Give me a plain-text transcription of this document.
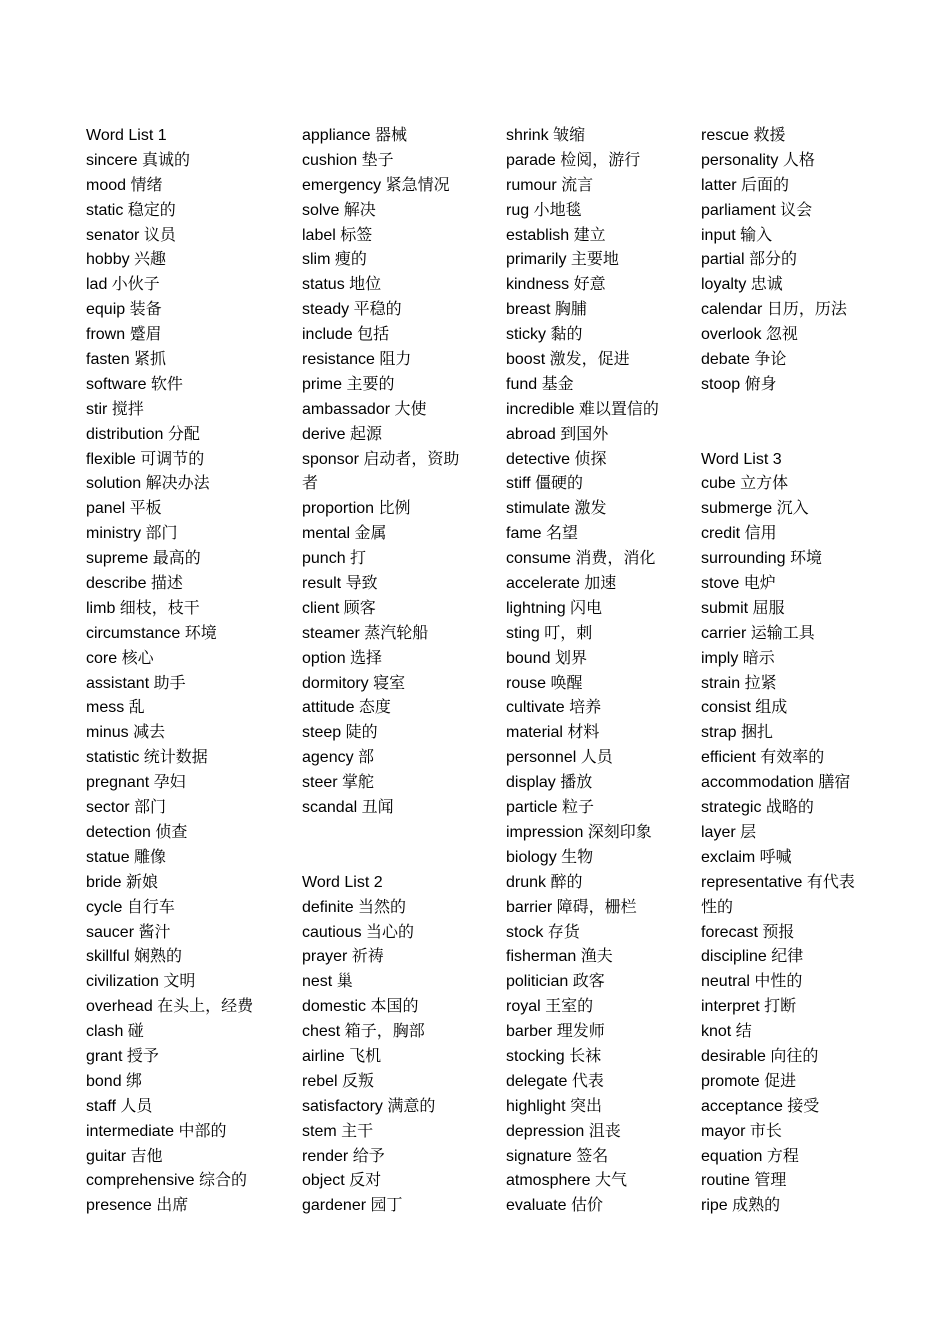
Word List 1
sincere 真诚的
mood 情绪
static 稳定的
senator 议员
hobby 兴趣
lad 小伙子
equip 装备
frown 蹙眉
fasten 紧抓
software 软件
stir 搅拌
distribution 分配
flexible 可调节的
solution 解决办法
panel 平板
ministry 部门
supreme 最高的
describe 描述
limb 细枝，枝干
circumstance 环境
core 核心
assistant 助手
mess 乱
minus 减去
statistic 统计数据
pregnant 孕妇
sector 部门
detection 侦查
statue 雕像
bride 新娘
cycle 自行车
saucer 酱汁
skillful 娴熟的
civilization 文明
overhead 在头上，经费
clash 碰
grant 授予
bond 绑
staff 人员
intermediate 中部的
guitar 吉他
comprehensive 综合的
presence 出席
appliance 器械
cushion 垫子
emergency 紧急情况
solve 解决
label 标签
slim 瘦的
status 地位
steady 平稳的
include 包括
resistance 阻力
prime 主要的
ambassador 大使
derive 起源
sponsor 启动者，资助
者
proportion 比例
mental 金属
punch 打
result 导致
client 顾客
steamer 蒸汽轮船
option 选择
dormitory 寝室
attitude 态度
steep 陡的
agency 部
steer 掌舵
scandal 丑闻
Word List 2
definite 当然的
cautious 当心的
prayer 祈祷
nest 巢
domestic 本国的
chest 箱子，胸部
airline 飞机
rebel 反叛
satisfactory 满意的
stem 主干
render 给予
object 反对
gardener 园丁
shrink 皱缩
parade 检阅，游行
rumour 流言
rug 小地毯
establish 建立
primarily 主要地
kindness 好意
breast 胸脯
sticky 黏的
boost 激发，促进
fund 基金
incredible 难以置信的
abroad 到国外
detective 侦探
stiff 僵硬的
stimulate 激发
fame 名望
consume 消费，消化
accelerate 加速
lightning 闪电
sting 叮，刺
bound 划界
rouse 唤醒
cultivate 培养
material 材料
personnel 人员
display 播放
particle 粒子
impression 深刻印象
biology 生物
drunk 醉的
barrier 障碍，栅栏
stock 存货
fisherman 渔夫
politician 政客
royal 王室的
barber 理发师
stocking 长袜
delegate 代表
highlight 突出
depression 沮丧
signature 签名
atmosphere 大气
evaluate 估价
rescue 救援
personality 人格
latter 后面的
parliament 议会
input 输入
partial 部分的
loyalty 忠诚
calendar 日历，历法
overlook 忽视
debate 争论
stoop 俯身
Word List 3
cube 立方体
submerge 沉入
credit 信用
surrounding 环境
stove 电炉
submit 屈服
carrier 运输工具
imply 暗示
strain 拉紧
consist 组成
strap 捆扎
efficient 有效率的
accommodation 膳宿
strategic 战略的
layer 层
exclaim 呼喊
representative 有代表
性的
forecast 预报
discipline 纪律
neutral 中性的
interpret 打断
knot 结
desirable 向往的
promote 促进
acceptance 接受
mayor 市长
equation 方程
routine 管理
ripe 成熟的
